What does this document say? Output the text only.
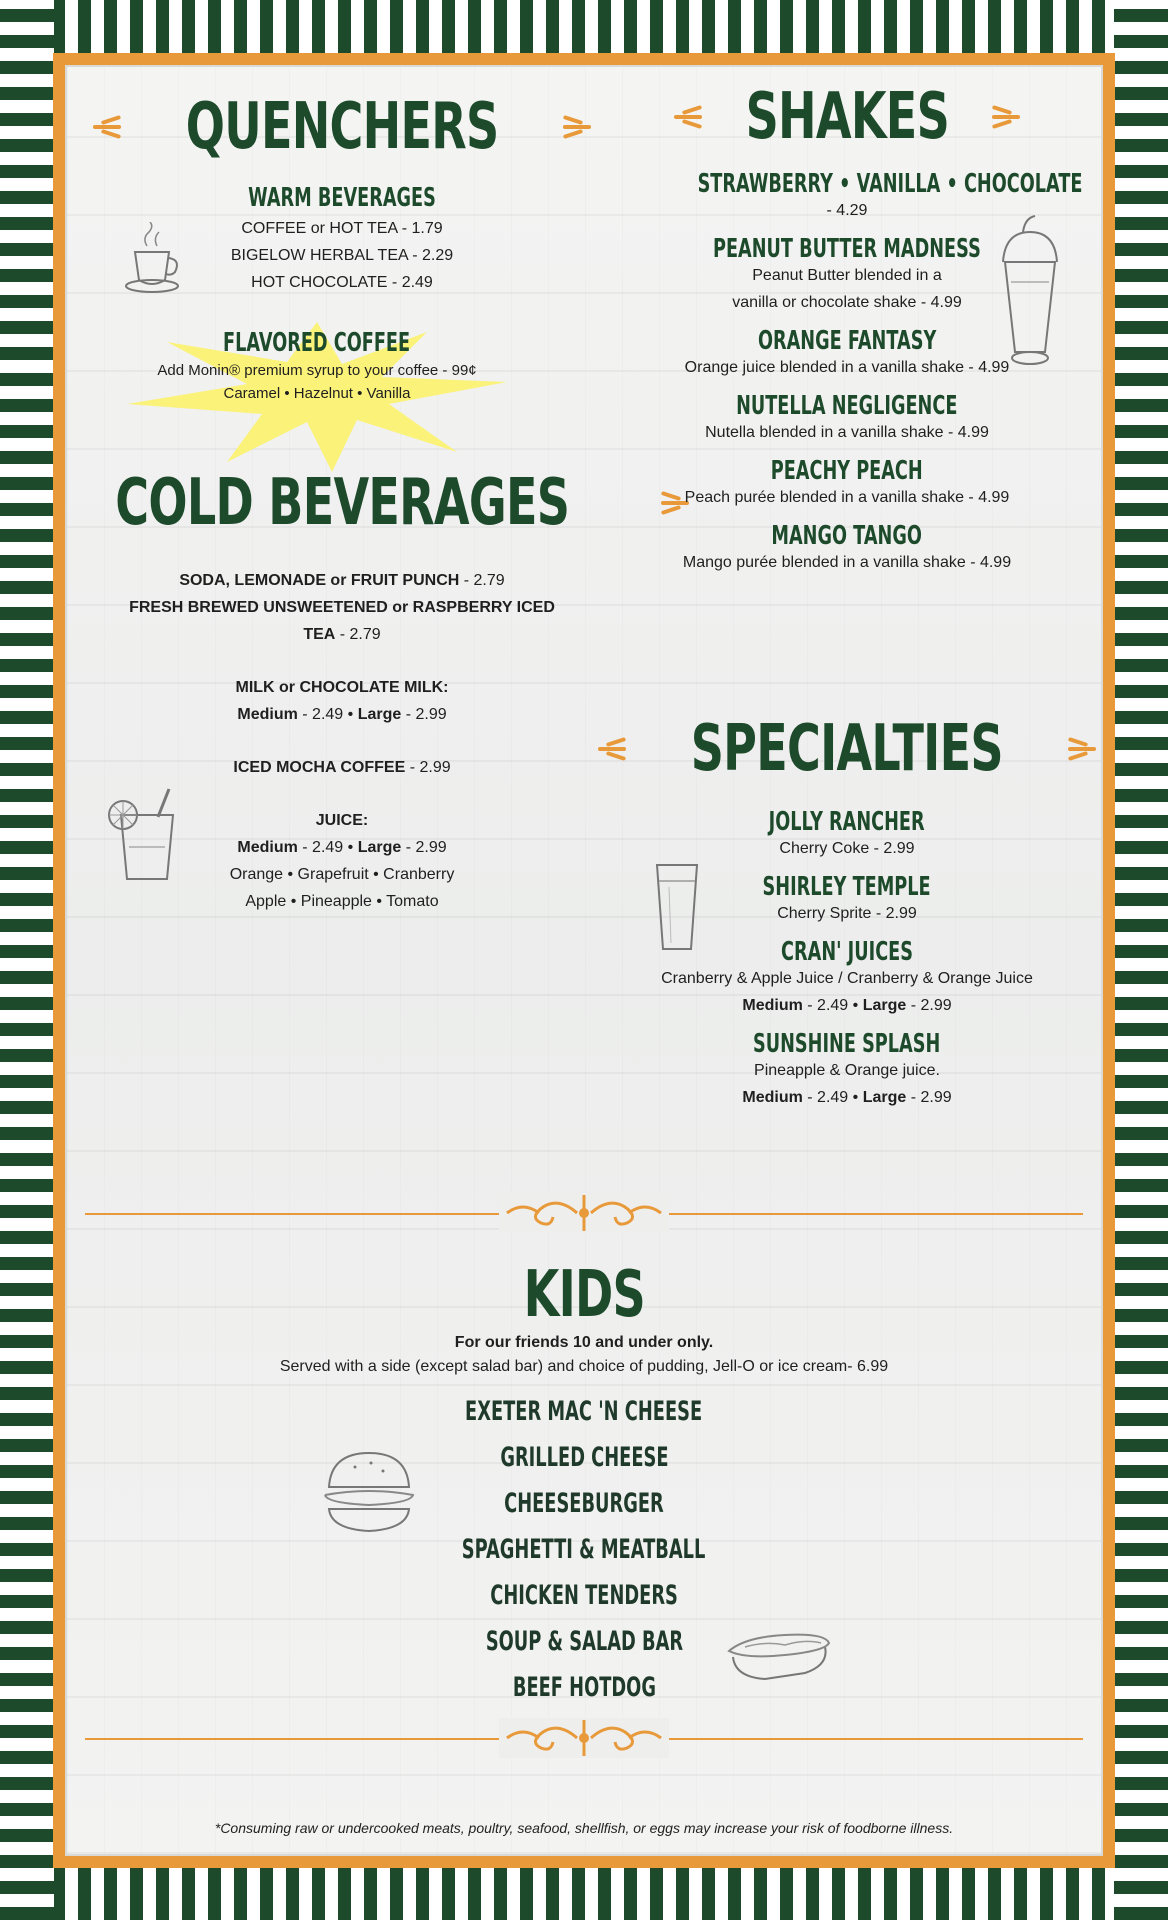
QUENCHERS
WARM BEVERAGES
COFFEE or HOT TEA - 1.79
BIGELOW HERBAL TEA - 2.29
HOT CHOCOLATE - 2.49
FLAVORED COFFEE
Add Monin® premium syrup to your coffee - 99¢
Caramel • Hazelnut • Vanilla
COLD BEVERAGES
SODA, LEMONADE or FRUIT PUNCH - 2.79
FRESH BREWED UNSWEETENED or RASPBERRY ICED
TEA - 2.79
MILK or CHOCOLATE MILK:
Medium - 2.49 • Large - 2.99
ICED MOCHA COFFEE - 2.99
JUICE:
Medium - 2.49 • Large - 2.99
Orange • Grapefruit • Cranberry
Apple • Pineapple • Tomato
SHAKES
STRAWBERRY • VANILLA • CHOCOLATE
- 4.29
PEANUT BUTTER MADNESS
Peanut Butter blended in a
vanilla or chocolate shake - 4.99
ORANGE FANTASY
Orange juice blended in a vanilla shake - 4.99
NUTELLA NEGLIGENCE
Nutella blended in a vanilla shake - 4.99
PEACHY PEACH
Peach purée blended in a vanilla shake - 4.99
MANGO TANGO
Mango purée blended in a vanilla shake - 4.99
SPECIALTIES
JOLLY RANCHER
Cherry Coke - 2.99
SHIRLEY TEMPLE
Cherry Sprite - 2.99
CRAN' JUICES
Cranberry & Apple Juice / Cranberry & Orange Juice
Medium - 2.49 • Large - 2.99
SUNSHINE SPLASH
Pineapple & Orange juice.
Medium - 2.49 • Large - 2.99
KIDS
For our friends 10 and under only.
Served with a side (except salad bar) and choice of pudding, Jell-O or ice cream- 6.99
EXETER MAC 'N CHEESE
GRILLED CHEESE
CHEESEBURGER
SPAGHETTI & MEATBALL
CHICKEN TENDERS
SOUP & SALAD BAR
BEEF HOTDOG
*Consuming raw or undercooked meats, poultry, seafood, shellfish, or eggs may increase your risk of foodborne illness.
